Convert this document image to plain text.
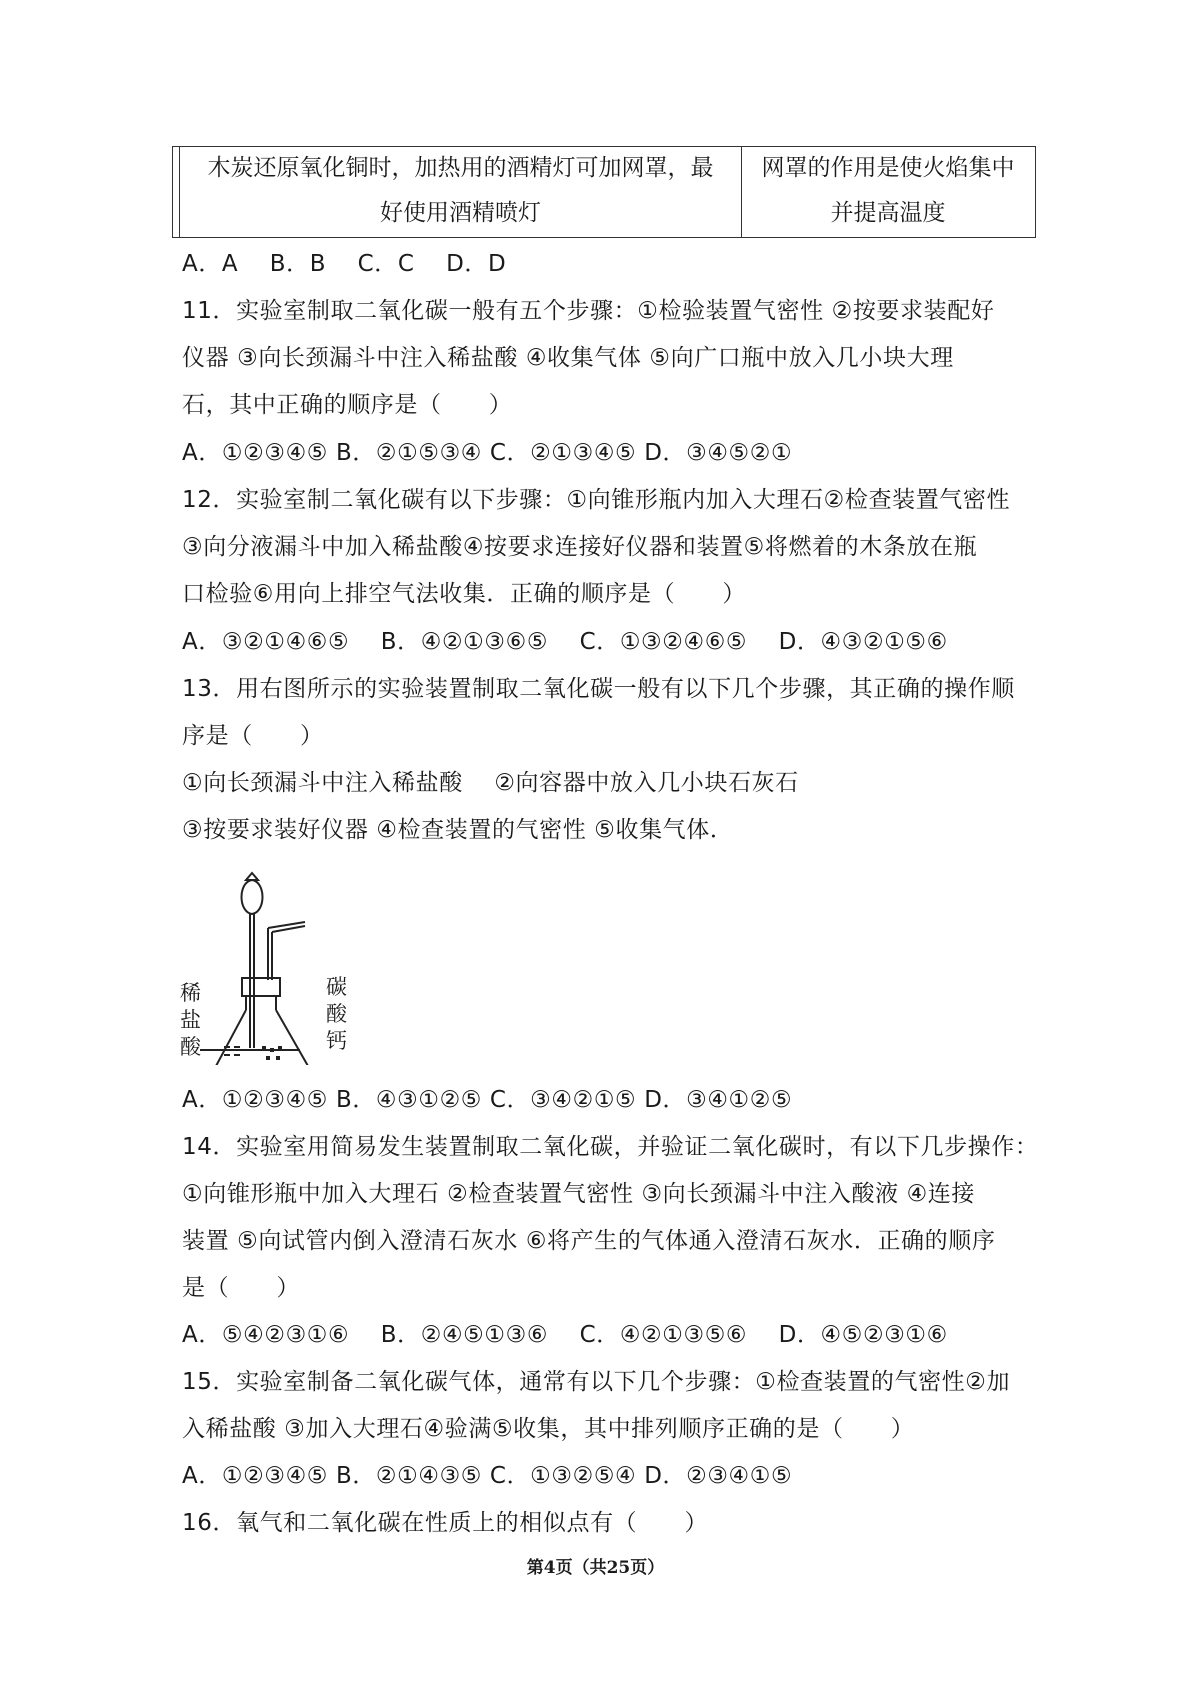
木炭还原氧化铜时，加热用的酒精灯可加网罩，最
好使用酒精喷灯
网罩的作用是使火焰集中
并提高温度
A．A　 B．B　 C．C　 D．D
11．实验室制取二氧化碳一般有五个步骤：①检验装置气密性 ②按要求装配好
仪器 ③向长颈漏斗中注入稀盐酸 ④收集气体 ⑤向广口瓶中放入几小块大理
石，其中正确的顺序是（　　）
A．①②③④⑤ B．②①⑤③④ C．②①③④⑤ D．③④⑤②①
12．实验室制二氧化碳有以下步骤：①向锥形瓶内加入大理石②检查装置气密性
③向分液漏斗中加入稀盐酸④按要求连接好仪器和装置⑤将燃着的木条放在瓶
口检验⑥用向上排空气法收集．正确的顺序是（　　）
A．③②①④⑥⑤　 B．④②①③⑥⑤　 C．①③②④⑥⑤　 D．④③②①⑤⑥
13．用右图所示的实验装置制取二氧化碳一般有以下几个步骤，其正确的操作顺
序是（　　）
①向长颈漏斗中注入稀盐酸　 ②向容器中放入几小块石灰石
③按要求装好仪器 ④检查装置的气密性 ⑤收集气体．
稀
盐
酸
碳
酸
钙
A．①②③④⑤ B．④③①②⑤ C．③④②①⑤ D．③④①②⑤
14．实验室用简易发生装置制取二氧化碳，并验证二氧化碳时，有以下几步操作：
①向锥形瓶中加入大理石 ②检查装置气密性 ③向长颈漏斗中注入酸液 ④连接
装置 ⑤向试管内倒入澄清石灰水 ⑥将产生的气体通入澄清石灰水．正确的顺序
是（　　）
A．⑤④②③①⑥　 B．②④⑤①③⑥　 C．④②①③⑤⑥　 D．④⑤②③①⑥
15．实验室制备二氧化碳气体，通常有以下几个步骤：①检查装置的气密性②加
入稀盐酸 ③加入大理石④验满⑤收集，其中排列顺序正确的是（　　）
A．①②③④⑤ B．②①④③⑤ C．①③②⑤④ D．②③④①⑤
16．氧气和二氧化碳在性质上的相似点有（　　）
第4页（共25页）
